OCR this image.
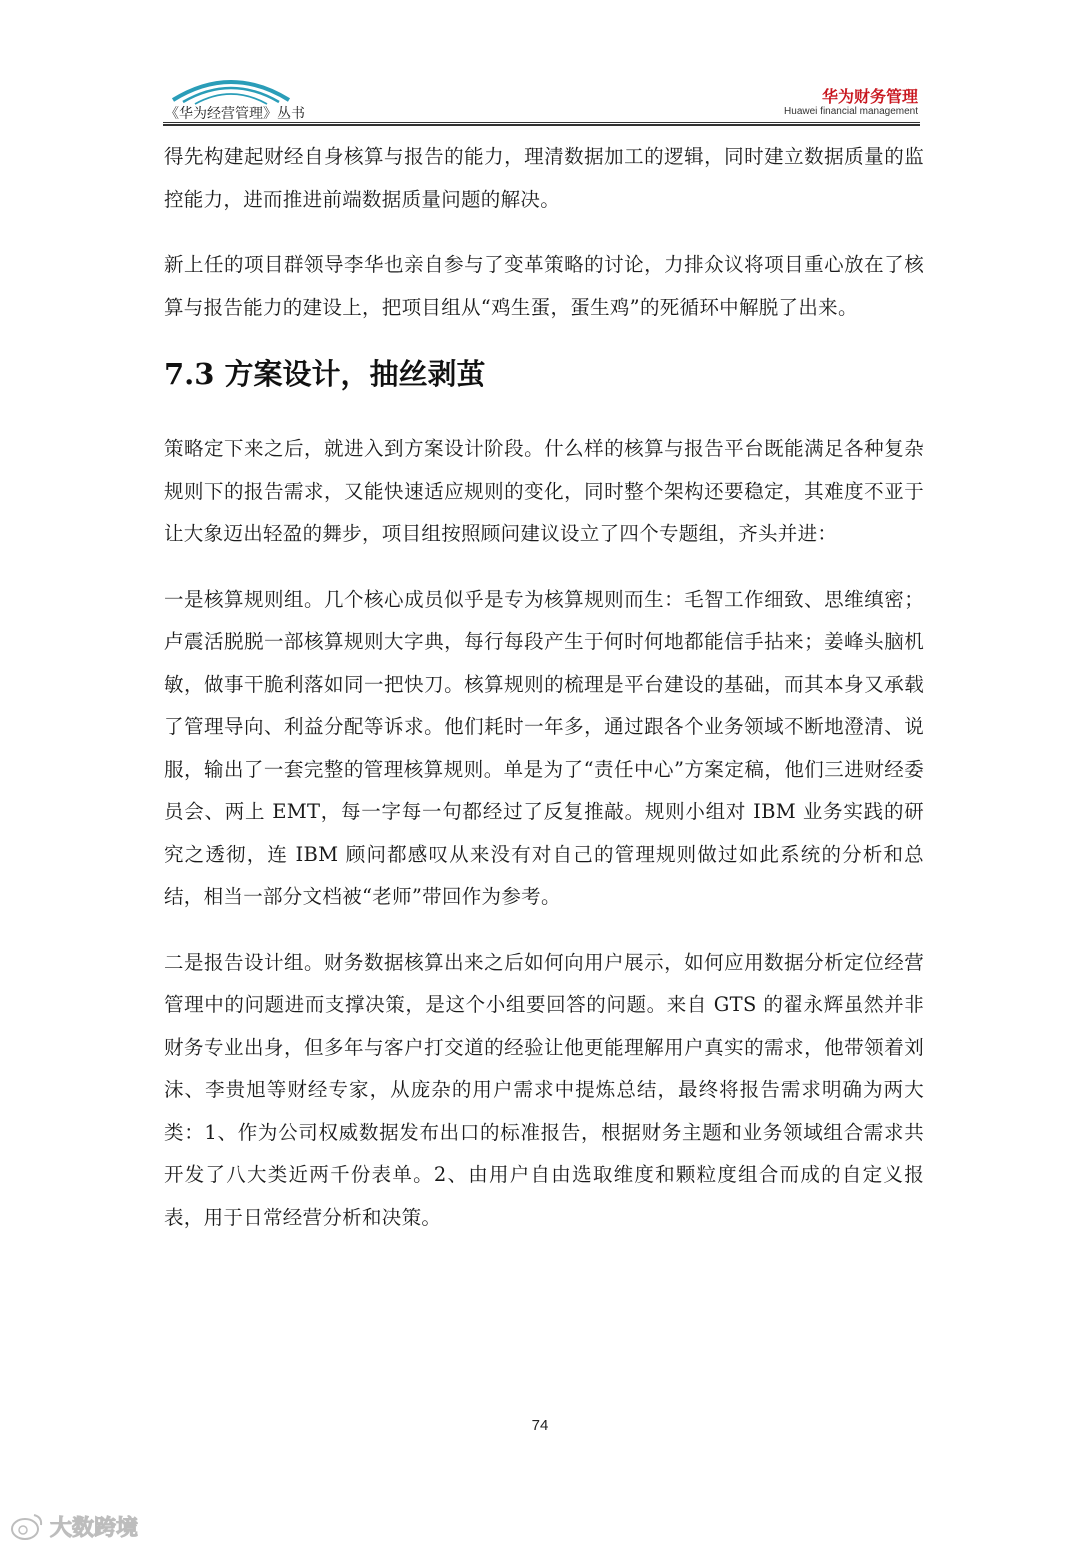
《华为经营管理》丛书
华为财务管理
Huawei financial management

得先构建起财经自身核算与报告的能力，理清数据加工的逻辑，同时建立数据质量的监控能力，进而推进前端数据质量问题的解决。

新上任的项目群领导李华也亲自参与了变革策略的讨论，力排众议将项目重心放在了核算与报告能力的建设上，把项目组从“鸡生蛋，蛋生鸡”的死循环中解脱了出来。

7.3 方案设计，抽丝剥茧

策略定下来之后，就进入到方案设计阶段。什么样的核算与报告平台既能满足各种复杂规则下的报告需求，又能快速适应规则的变化，同时整个架构还要稳定，其难度不亚于让大象迈出轻盈的舞步，项目组按照顾问建议设立了四个专题组，齐头并进：

一是核算规则组。几个核心成员似乎是专为核算规则而生：毛智工作细致、思维缜密；卢震活脱脱一部核算规则大字典，每行每段产生于何时何地都能信手拈来；姜峰头脑机敏，做事干脆利落如同一把快刀。核算规则的梳理是平台建设的基础，而其本身又承载了管理导向、利益分配等诉求。他们耗时一年多，通过跟各个业务领域不断地澄清、说服，输出了一套完整的管理核算规则。单是为了“责任中心”方案定稿，他们三进财经委员会、两上 EMT，每一字每一句都经过了反复推敲。规则小组对 IBM 业务实践的研究之透彻，连 IBM 顾问都感叹从来没有对自己的管理规则做过如此系统的分析和总结，相当一部分文档被“老师”带回作为参考。

二是报告设计组。财务数据核算出来之后如何向用户展示，如何应用数据分析定位经营管理中的问题进而支撑决策，是这个小组要回答的问题。来自 GTS 的翟永辉虽然并非财务专业出身，但多年与客户打交道的经验让他更能理解用户真实的需求，他带领着刘沫、李贵旭等财经专家，从庞杂的用户需求中提炼总结，最终将报告需求明确为两大类：1、作为公司权威数据发布出口的标准报告，根据财务主题和业务领域组合需求共开发了八大类近两千份表单。2、由用户自由选取维度和颗粒度组合而成的自定义报表，用于日常经营分析和决策。

74
大数跨境
